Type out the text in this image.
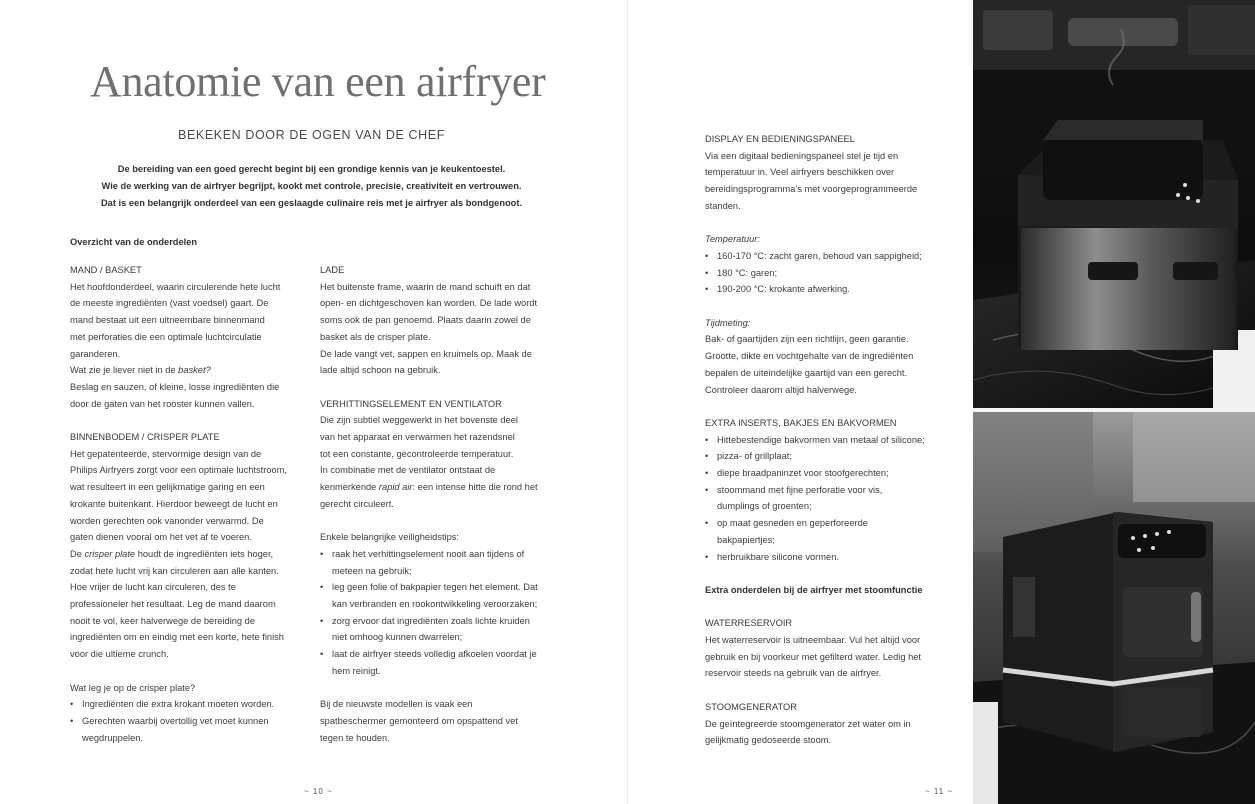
Anatomie van een airfryer
BEKEKEN DOOR DE OGEN VAN DE CHEF

De bereiding van een goed gerecht begint bij een grondige kennis van je keukentoestel.
Wie de werking van de airfryer begrijpt, kookt met controle, precisie, creativiteit en vertrouwen.
Dat is een belangrijk onderdeel van een geslaagde culinaire reis met je airfryer als bondgenoot.

Overzicht van de onderdelen

MAND / BASKET
Het hoofdonderdeel, waarin circulerende hete lucht
de meeste ingrediënten (vast voedsel) gaart. De
mand bestaat uit een uitneembare binnenmand
met perforaties die een optimale luchtcirculatie
garanderen.
Wat zie je liever niet in de basket?
Beslag en sauzen, of kleine, losse ingrediënten die
door de gaten van het rooster kunnen vallen.
BINNENBODEM / CRISPER PLATE
Het gepatenteerde, stervormige design van de
Philips Airfryers zorgt voor een optimale luchtstroom,
wat resulteert in een gelijkmatige garing en een
krokante buitenkant. Hierdoor beweegt de lucht en
worden gerechten ook vanonder verwarmd. De
gaten dienen vooral om het vet af te voeren.
De crisper plate houdt de ingrediënten iets hoger,
zodat hete lucht vrij kan circuleren aan alle kanten.
Hoe vrijer de lucht kan circuleren, des te
professioneler het resultaat. Leg de mand daarom
nooit te vol, keer halverwege de bereiding de
ingrediënten om en eindig met een korte, hete finish
voor die ultieme crunch.
Wat leg je op de crisper plate?
• Ingrediënten die extra krokant moeten worden.
• Gerechten waarbij overtollig vet moet kunnen
wegdruppelen.
LADE
Het buitenste frame, waarin de mand schuift en dat
open- en dichtgeschoven kan worden. De lade wordt
soms ook de pan genoemd. Plaats daarin zowel de
basket als de crisper plate.
De lade vangt vet, sappen en kruimels op. Maak de
lade altijd schoon na gebruik.
VERHITTINGSELEMENT EN VENTILATOR
Die zijn subtiel weggewerkt in het bovenste deel
van het apparaat en verwarmen het razendsnel
tot een constante, gecontroleerde temperatuur.
In combinatie met de ventilator ontstaat de
kenmerkende rapid air: een intense hitte die rond het
gerecht circuleert.
Enkele belangrijke veiligheidstips:
• raak het verhittingselement nooit aan tijdens of
meteen na gebruik;
• leg geen folie of bakpapier tegen het element. Dat
kan verbranden en rookontwikkeling veroorzaken;
• zorg ervoor dat ingrediënten zoals lichte kruiden
niet omhoog kunnen dwarrelen;
• laat de airfryer steeds volledig afkoelen voordat je
hem reinigt.
Bij de nieuwste modellen is vaak een
spatbeschermer gemonteerd om opspattend vet
tegen te houden.
~ 10 ~
DISPLAY EN BEDIENINGSPANEEL
Via een digitaal bedieningspaneel stel je tijd en
temperatuur in. Veel airfryers beschikken over
bereidingsprogramma’s met voorgeprogrammeerde
standen.
Temperatuur:
• 160-170 °C: zacht garen, behoud van sappigheid;
• 180 °C: garen;
• 190-200 °C: krokante afwerking.
Tijdmeting:
Bak- of gaartijden zijn een richtlijn, geen garantie.
Grootte, dikte en vochtgehalte van de ingrediënten
bepalen de uiteindelijke gaartijd van een gerecht.
Controleer daarom altijd halverwege.
EXTRA INSERTS, BAKJES EN BAKVORMEN
• Hittebestendige bakvormen van metaal of silicone;
• pizza- of grillplaat;
• diepe braadpaninzet voor stoofgerechten;
• stoommand met fijne perforatie voor vis,
dumplings of groenten;
• op maat gesneden en geperforeerde
bakpapiertjes;
• herbruikbare silicone vormen.
Extra onderdelen bij de airfryer met stoomfunctie
WATERRESERVOIR
Het waterreservoir is uitneembaar. Vul het altijd voor
gebruik en bij voorkeur met gefilterd water. Ledig het
reservoir steeds na gebruik van de airfryer.
STOOMGENERATOR
De geïntegreerde stoomgenerator zet water om in
gelijkmatig gedoseerde stoom.
~ 11 ~
